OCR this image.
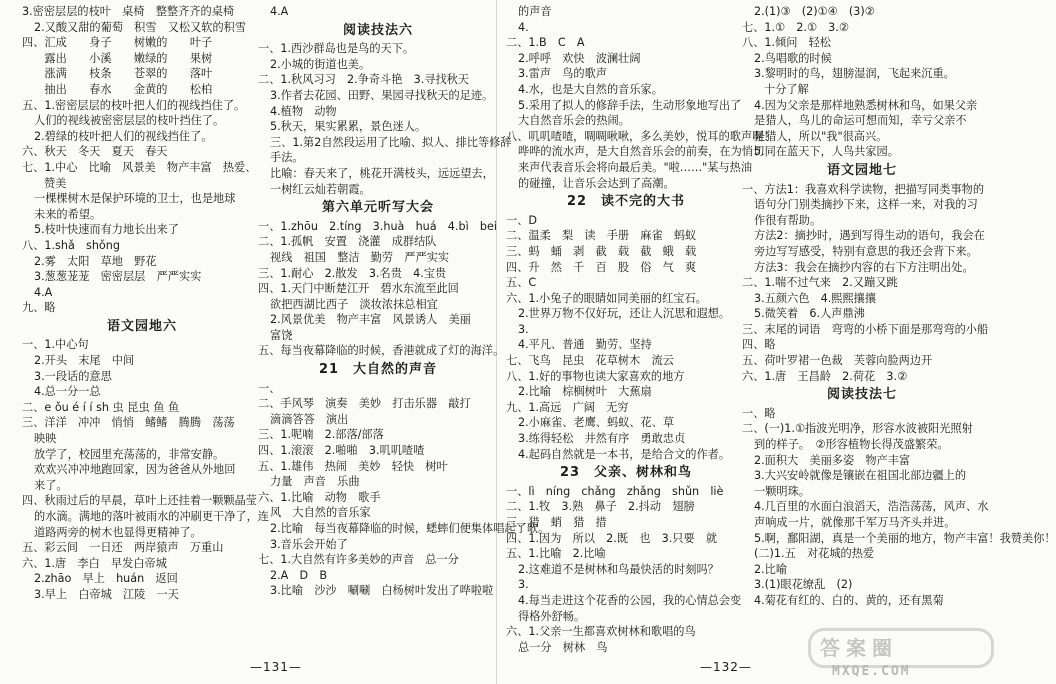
3.密密层层的枝叶　桌椅　整整齐齐的桌椅
2.又酸又甜的葡萄　积雪　又松又软的积雪
四、汇成　　身子　　树嫩的　　叶子
　　露出　　小溪　　嫩绿的　　果树
　　涨满　　枝条　　苍翠的　　落叶
　　抽出　　春水　　金黄的　　松柏
五、1.密密层层的枝叶把人们的视线挡住了。
人们的视线被密密层层的枝叶挡住了。
2.碧绿的枝叶把人们的视线挡住了。
六、秋天　冬天　夏天　春天
七、1.中心　比喻　风景美　物产丰富　热爱、
赞美
一棵棵树木是保护环境的卫士，也是地球
未来的希望。
5.枝叶快速而有力地长出来了
八、1.shǎ　shǒng
2.雾　太阳　草地　野花
3.葱葱茏茏　密密层层　严严实实
4.A
九、略
语文园地六
一、1.中心句
2.开头　末尾　中间
3.一段话的意思
4.总一分一总
二、e ǒu é í í sh 虫 昆虫 鱼 鱼
三、洋洋　冲冲　悄悄　鳍鳍　腾腾　荡荡
映映
放学了，校园里充荡荡的，非常安静。
欢欢兴冲冲地跑回家，因为爸爸从外地回
来了。
四、秋雨过后的早晨，草叶上还挂着一颗颗晶莹
的水滴。满地的落叶被雨水的冲刷更干净了，连
道路两旁的树木也显得更精神了。
五、彩云间　一日还　两岸猿声　万重山
六、1.唐　李白　早发白帝城
2.zhāo　早上　huán　返回
3.早上　白帝城　江陵　一天
4.A
阅读技法六
一、1.西沙群岛也是鸟的天下。
2.小城的街道也美。
二、1.秋风习习　2.争奇斗艳　3.寻找秋天
3.作者去花园、田野、果园寻找秋天的足迹。
4.植物　动物
5.秋天，果实累累，景色迷人。
三、1.第2自然段运用了比喻、拟人、排比等修辞
手法。
比喻：春天来了，桃花开满枝头，远远望去，
一树红云灿若朝霞。
第六单元听写大会
一、1.zhōu　2.tíng　3.huà　huá　4.bì　bei
二、1.孤帆　安置　浇灌　成群结队
视线　祖国　整洁　勤劳　严严实实
三、1.耐心　2.散发　3.名贵　4.宝贵
四、1.天门中断楚江开　碧水东流至此回
欲把西湖比西子　淡妆浓抹总相宜
2.风景优美　物产丰富　风景诱人　美丽
富饶
五、每当夜幕降临的时候，香港就成了灯的海洋。
21　大自然的声音
一、　　　　　　
二、手风琴　演奏　美妙　打击乐器　敲打
滴滴答答　演出
三、1.呢喃　2.部落/部落
四、1.滚滚　2.啪啪　3.叽叽喳喳
五、1.雄伟　热闹　美妙　轻快　树叶
力量　声音　乐曲
六、1.比喻　动物　歌手
风　大自然的音乐家
2.比喻　每当夜幕降临的时候，蟋蟀们便集体唱起了歌。
3.音乐会开始了
七、1.大自然有许多美妙的声音　总一分
2.A　D　B
3.比喻　沙沙　唰唰　白杨树叶发出了哗啦啦
的声音
4.　　　　　　
二、1.B　C　A
2.呼呼　欢快　波澜壮阔
3.雷声　鸟的歌声
4.水，也是大自然的音乐家。
5.采用了拟人的修辞手法，生动形象地写出了
大自然音乐会的热闹。
八、叽叽喳喳，啁啁啾啾，多么美妙，悦耳的歌声啊！
哗哗的流水声，是大自然音乐会的前奏，在为悄切
来声代表音乐会将向最后美。"啦……"某与热油
的碰撞，让音乐会达到了高潮。
22　读不完的大书
一、D
二、温柔　梨　读　手册　麻雀　蚂蚁
三、蚂　蛹　剥　截　载　截　蛾　载
四、升　然　千　百　股　俗　气　爽
五、C
六、1.小兔子的眼睛如同美丽的红宝石。
2.世界万物不仅好玩，还让人沉思和遐想。
3.　　　　　　
4.平凡、普通　勤劳、坚持
七、飞鸟　昆虫　花草树木　流云
八、1.好的事物也读大家喜欢的地方
2.比喻　棕榈树叶　大蕉扇
九、1.高远　广阔　无穷
2.小麻雀、老鹰、蚂蚁、花、草
3.练得轻松　井然有序　勇敢忠贞
4.起码自然就是一本书，是给合文的作者。
23　父亲、树林和鸟
一、lì　níng　chǎng　zhǎng　shǔn　liè
二、1.牧　3.熟　鼻子　2.抖动　翅膀
三、猎　蛸　猎　措
四、1.因为　所以　2.既　也　3.只要　就
五、1.比喻　2.比喻
2.这难道不是树林和鸟最快活的时刻吗？
3.　　　　　　
4.每当走进这个花香的公园，我的心情总会变
得格外舒畅。
六、1.父亲一生都喜欢树林和歌唱的鸟
总一分　树林　鸟
2.(1)③　(2)①④　(3)②
七、1.①　2.①　3.②
八、1.倾问　轻松
2.鸟唱歌的时候
3.黎明时的鸟，翅膀湿润，飞起来沉重。
十分了解
4.因为父亲是那样地熟悉树林和鸟，如果父亲
是猎人，鸟儿的命运可想而知，幸亏父亲不
是猎人，所以"我"很高兴。
5.同在蓝天下，人鸟共家园。
语文园地七
一、方法1：我喜欢科学读物，把描写同类事物的
语句分门别类摘抄下来，这样一来，对我的习
作很有帮助。
方法2：摘抄时，遇到写得生动的语句，我会在
旁边写写感受，特别有意思的我还会背下来。
方法3：我会在摘抄内容的右下方注明出处。
二、1.喘不过气来　2.又蹦又跳
3.五颜六色　4.熙熙攘攘
5.微笑着　6.人声鼎沸
三、末尾的词语　弯弯的小桥下面是那弯弯的小船
四、略
五、荷叶罗裙一色裁　芙蓉向脸两边开
六、1.唐　王昌龄　2.荷花　3.②
阅读技法七
一、略
二、(一)1.①指波光明净，形容水波被阳光照射
到的样子。　②形容植物长得茂盛繁荣。
2.面积大　美丽多姿　物产丰富
3.大兴安岭就像是镶嵌在祖国北部边疆上的
一颗明珠。
4.几百里的水面白浪滔天，浩浩荡荡，风声、水
声响成一片，就像那千军万马齐头并进。
5.啊，鄱阳湖，真是一个美丽的地方，物产丰富！我赞美你！
(二)1.五　对花城的热爱
2.比喻　　　　　　
3.(1)眼花缭乱　(2)
4.菊花有红的、白的、黄的，还有黑菊
—131—	—132—
答案圈
MXQE.COM
